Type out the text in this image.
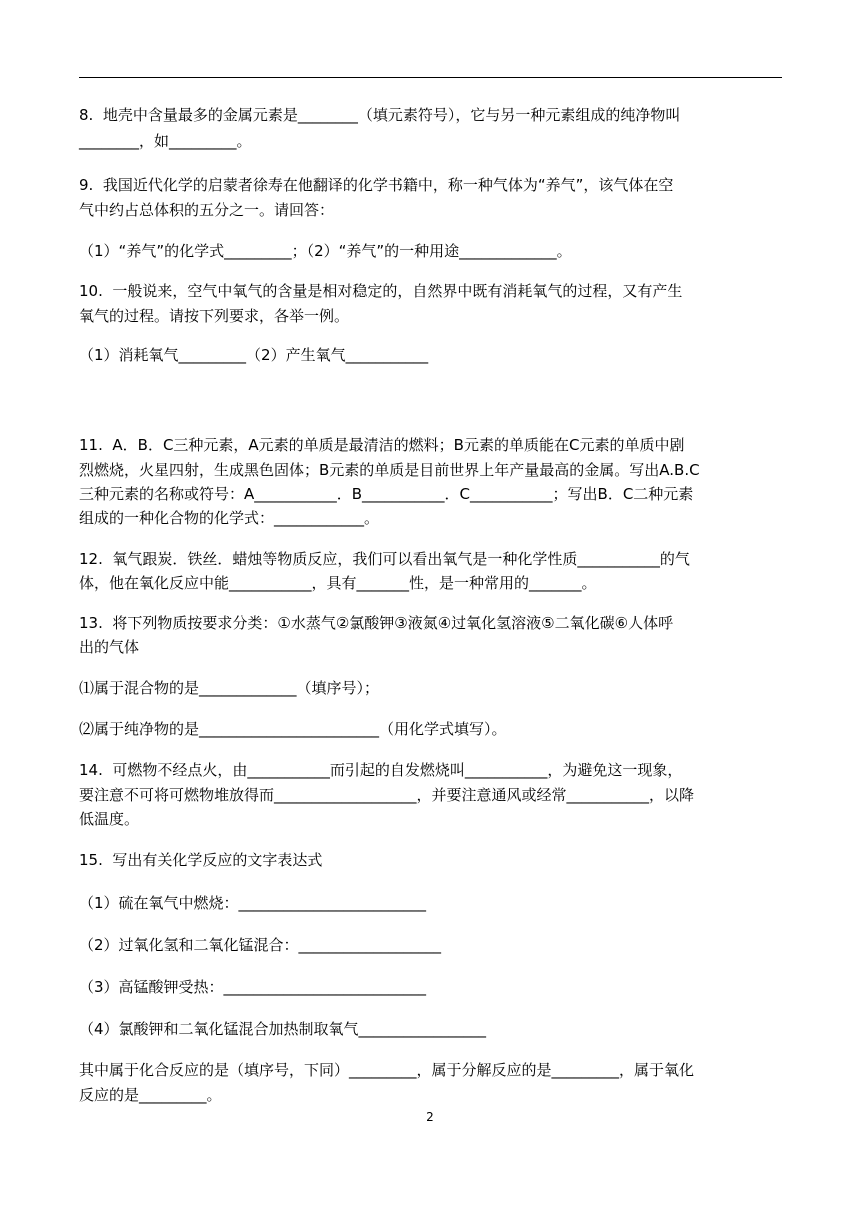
8.  地壳中含量最多的金属元素是________（填元素符号），它与另一种元素组成的纯净物叫
________，如_________。
9.  我国近代化学的启蒙者徐寿在他翻译的化学书籍中，称一种气体为“养气”，该气体在空
气中约占总体积的五分之一。请回答：
（1）“养气”的化学式_________；（2）“养气”的一种用途_____________。
10.  一般说来，空气中氧气的含量是相对稳定的，自然界中既有消耗氧气的过程，又有产生
氧气的过程。请按下列要求，各举一例。
（1）消耗氧气_________（2）产生氧气___________
11.  A．B．C三种元素，A元素的单质是最清洁的燃料；B元素的单质能在C元素的单质中剧
烈燃烧，火星四射，生成黑色固体；B元素的单质是目前世界上年产量最高的金属。写出A.B.C
三种元素的名称或符号：A___________．B___________．C___________；写出B．C二种元素
组成的一种化合物的化学式：____________。
12.  氧气跟炭．铁丝．蜡烛等物质反应，我们可以看出氧气是一种化学性质___________的气
体，他在氧化反应中能___________，具有_______性，是一种常用的_______。
13.  将下列物质按要求分类：①水蒸气②氯酸钾③液氮④过氧化氢溶液⑤二氧化碳⑥人体呼
出的气体
⑴属于混合物的是_____________（填序号）；
⑵属于纯净物的是________________________（用化学式填写）。
14.  可燃物不经点火，由___________而引起的自发燃烧叫___________，为避免这一现象，
要注意不可将可燃物堆放得而___________________，并要注意通风或经常___________，以降
低温度。
15.  写出有关化学反应的文字表达式
（1）硫在氧气中燃烧：_________________________
（2）过氧化氢和二氧化锰混合：___________________
（3）高锰酸钾受热：___________________________
（4）氯酸钾和二氧化锰混合加热制取氧气_________________
其中属于化合反应的是（填序号，下同）_________，属于分解反应的是_________，属于氧化
反应的是_________。
2
